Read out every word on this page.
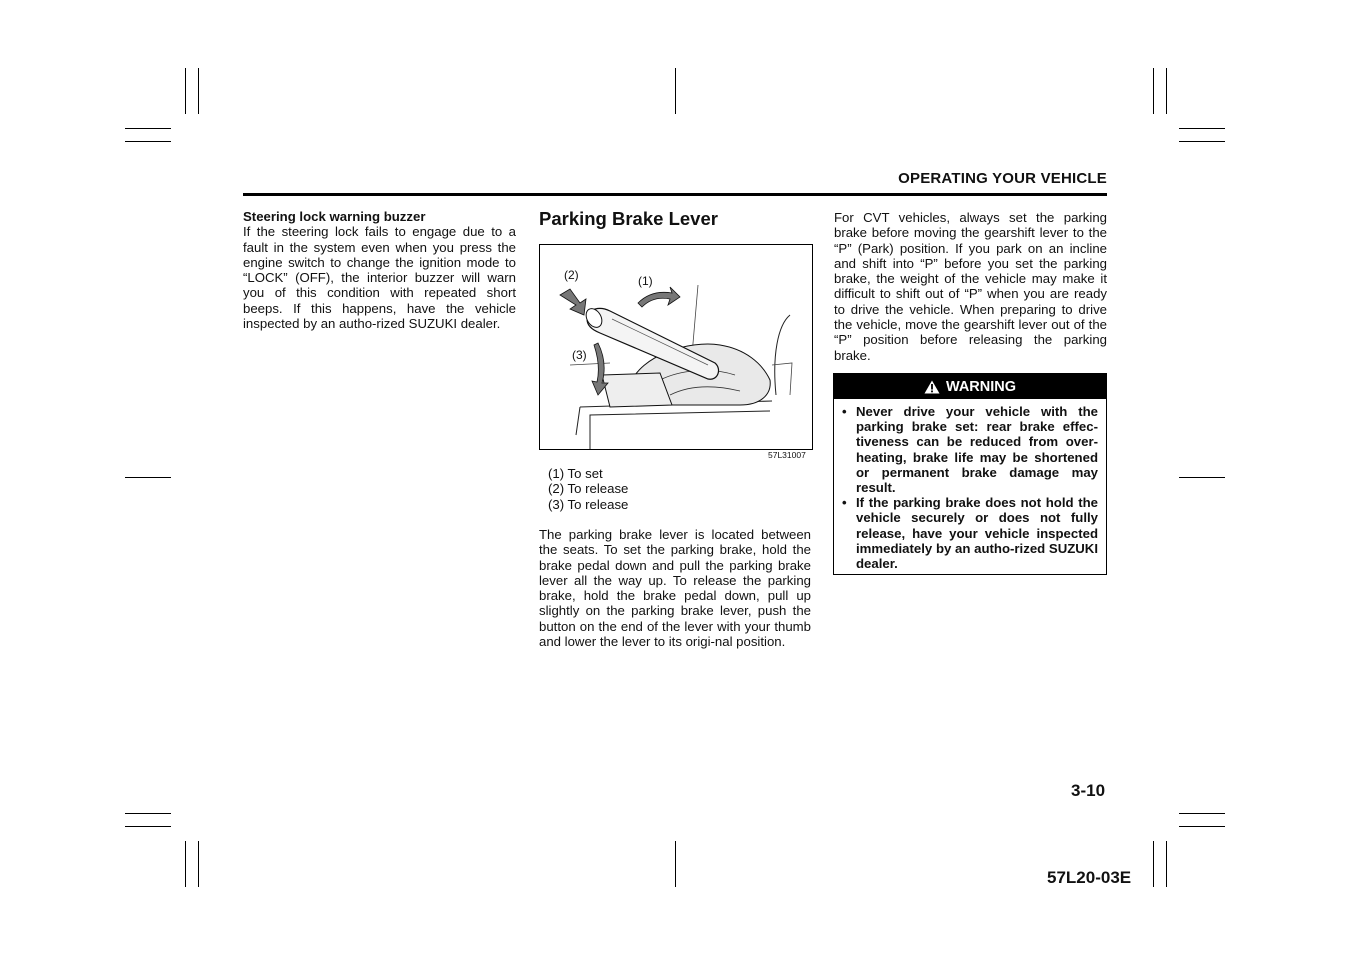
OPERATING YOUR VEHICLE
Steering lock warning buzzer
If the steering lock fails to engage due to a fault in the system even when you press the engine switch to change the ignition mode to “LOCK” (OFF), the interior buzzer will warn you of this condition with repeated short beeps. If this happens, have the vehicle inspected by an autho-rized SUZUKI dealer.
Parking Brake Lever
(2)	(1)
(3)
57L31007
(1) To set
(2) To release
(3) To release
The parking brake lever is located between the seats. To set the parking brake, hold the brake pedal down and pull the parking brake lever all the way up. To release the parking brake, hold the brake pedal down, pull up slightly on the parking brake lever, push the button on the end of the lever with your thumb and lower the lever to its origi-nal position.
For CVT vehicles, always set the parking brake before moving the gearshift lever to the “P” (Park) position. If you park on an incline and shift into “P” before you set the parking brake, the weight of the vehicle may make it difficult to shift out of “P” when you are ready to drive the vehicle. When preparing to drive the vehicle, move the gearshift lever out of the “P” position before releasing the parking brake.
WARNING
• Never drive your vehicle with the parking brake set: rear brake effec-tiveness can be reduced from over-heating, brake life may be shortened or permanent brake damage may result.
• If the parking brake does not hold the vehicle securely or does not fully release, have your vehicle inspected immediately by an autho-rized SUZUKI dealer.
3-10
57L20-03E
